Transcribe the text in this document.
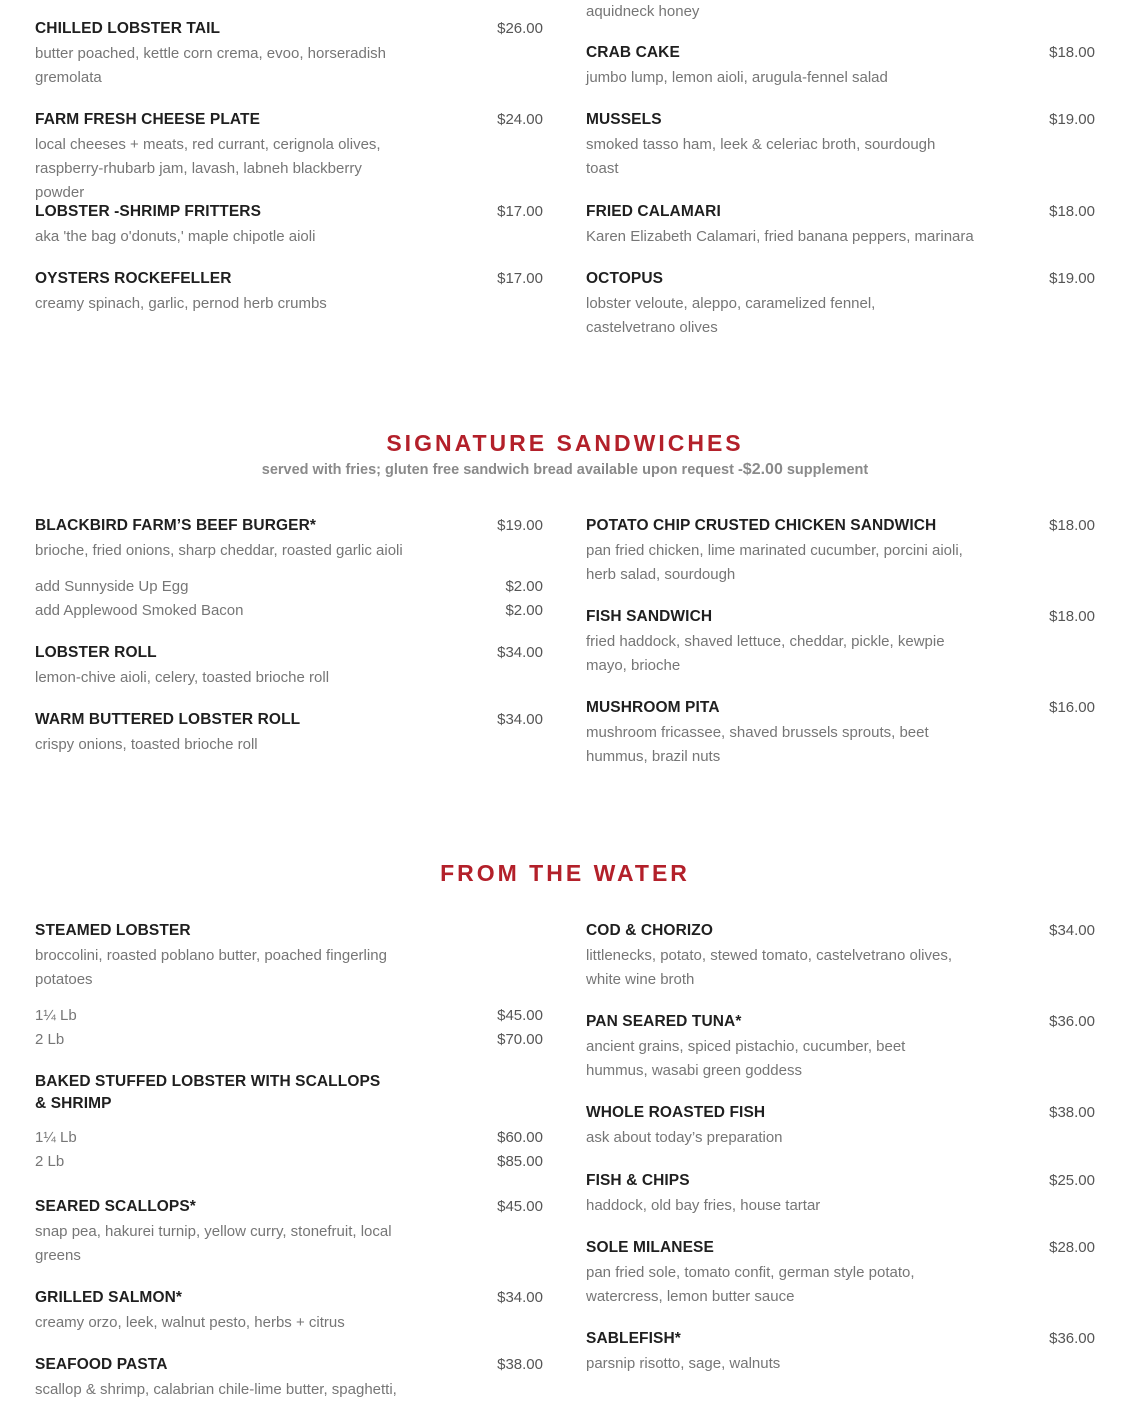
CHILLED LOBSTER TAIL	$26.00
butter poached, kettle corn crema, evoo, horseradish gremolata
FARM FRESH CHEESE PLATE	$24.00
local cheeses + meats, red currant, cerignola olives, raspberry-rhubarb jam, lavash, labneh blackberry powder
LOBSTER -SHRIMP FRITTERS	$17.00
aka 'the bag o'donuts,' maple chipotle aioli
OYSTERS ROCKEFELLER	$17.00
creamy spinach, garlic, pernod herb crumbs
aquidneck honey
CRAB CAKE	$18.00
jumbo lump, lemon aioli, arugula-fennel salad
MUSSELS	$19.00
smoked tasso ham, leek & celeriac broth, sourdough toast
FRIED CALAMARI	$18.00
Karen Elizabeth Calamari, fried banana peppers, marinara
OCTOPUS	$19.00
lobster veloute, aleppo, caramelized fennel, castelvetrano olives
SIGNATURE SANDWICHES
served with fries; gluten free sandwich bread available upon request -$2.00 supplement
BLACKBIRD FARM’S BEEF BURGER*	$19.00
brioche, fried onions, sharp cheddar, roasted garlic aioli
add Sunnyside Up Egg	$2.00
add Applewood Smoked Bacon	$2.00
LOBSTER ROLL	$34.00
lemon-chive aioli, celery, toasted brioche roll
WARM BUTTERED LOBSTER ROLL	$34.00
crispy onions, toasted brioche roll
POTATO CHIP CRUSTED CHICKEN SANDWICH	$18.00
pan fried chicken, lime marinated cucumber, porcini aioli, herb salad, sourdough
FISH SANDWICH	$18.00
fried haddock, shaved lettuce, cheddar, pickle, kewpie mayo, brioche
MUSHROOM PITA	$16.00
mushroom fricassee, shaved brussels sprouts, beet hummus, brazil nuts
FROM THE WATER
STEAMED LOBSTER
broccolini, roasted poblano butter, poached fingerling potatoes
1¼ Lb	$45.00
2 Lb	$70.00
BAKED STUFFED LOBSTER WITH SCALLOPS & SHRIMP
1¼ Lb	$60.00
2 Lb	$85.00
SEARED SCALLOPS*	$45.00
snap pea, hakurei turnip, yellow curry, stonefruit, local greens
GRILLED SALMON*	$34.00
creamy orzo, leek, walnut pesto, herbs + citrus
SEAFOOD PASTA	$38.00
scallop & shrimp, calabrian chile-lime butter, spaghetti,
COD & CHORIZO	$34.00
littlenecks, potato, stewed tomato, castelvetrano olives, white wine broth
PAN SEARED TUNA*	$36.00
ancient grains, spiced pistachio, cucumber, beet hummus, wasabi green goddess
WHOLE ROASTED FISH	$38.00
ask about today’s preparation
FISH & CHIPS	$25.00
haddock, old bay fries, house tartar
SOLE MILANESE	$28.00
pan fried sole, tomato confit, german style potato, watercress, lemon butter sauce
SABLEFISH*	$36.00
parsnip risotto, sage, walnuts
